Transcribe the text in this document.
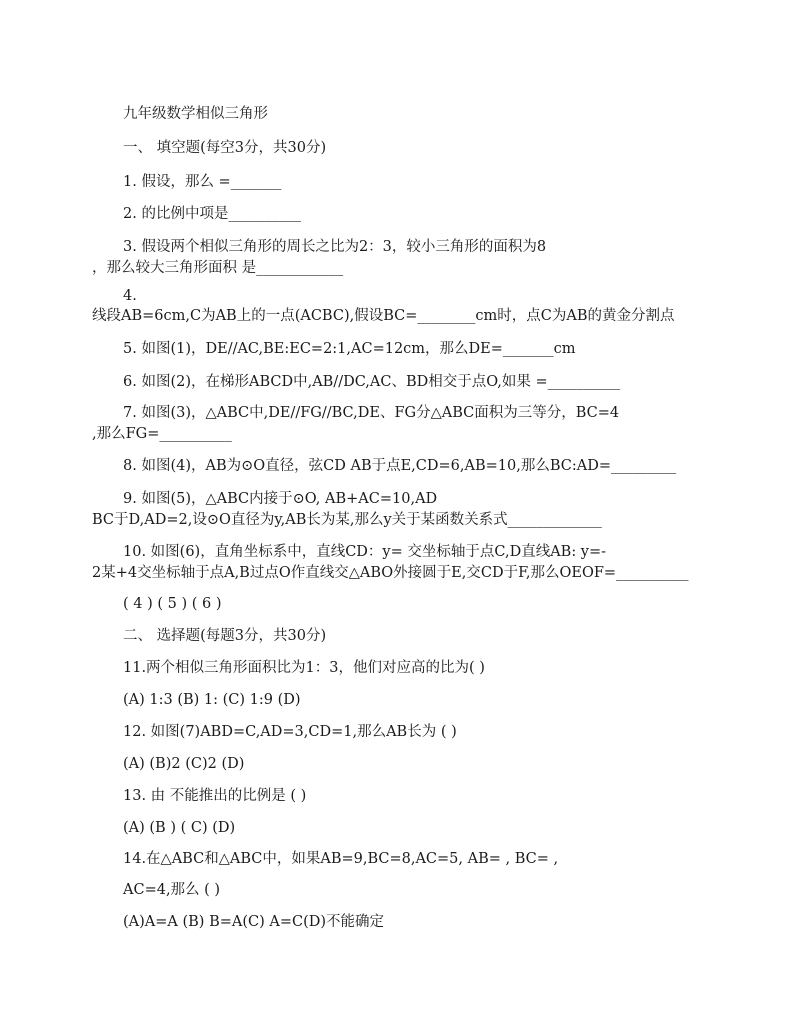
九年级数学相似三角形
一、 填空题(每空3分，共30分)
1. 假设，那么 =_______
2. 的比例中项是__________
3. 假设两个相似三角形的周长之比为2：3，较小三角形的面积为8
，那么较大三角形面积 是____________
4.
线段AB=6cm,C为AB上的一点(ACBC),假设BC=________cm时，点C为AB的黄金分割点
5. 如图(1)，DE//AC,BE:EC=2:1,AC=12cm，那么DE=_______cm
6. 如图(2)，在梯形ABCD中,AB//DC,AC、BD相交于点O,如果 =__________
7. 如图(3)，△ABC中,DE//FG//BC,DE、FG分△ABC面积为三等分，BC=4
,那么FG=__________
8. 如图(4)，AB为⊙O直径，弦CD AB于点E,CD=6,AB=10,那么BC:AD=_________
9. 如图(5)，△ABC内接于⊙O, AB+AC=10,AD
BC于D,AD=2,设⊙O直径为y,AB长为某,那么y关于某函数关系式_____________
10. 如图(6)，直角坐标系中，直线CD：y= 交坐标轴于点C,D直线AB: y=-
2某+4交坐标轴于点A,B过点O作直线交△ABO外接圆于E,交CD于F,那么OEOF=__________
( 4 ) ( 5 ) ( 6 )
二、 选择题(每题3分，共30分)
11.两个相似三角形面积比为1：3，他们对应高的比为( )
(A) 1:3 (B) 1: (C) 1:9 (D)
12. 如图(7)ABD=C,AD=3,CD=1,那么AB长为 ( )
(A) (B)2 (C)2 (D)
13. 由 不能推出的比例是 ( )
(A) (B ) ( C) (D)
14.在△ABC和△ABC中，如果AB=9,BC=8,AC=5, AB= , BC= ,
AC=4,那么 ( )
(A)A=A (B) B=A(C) A=C(D)不能确定
